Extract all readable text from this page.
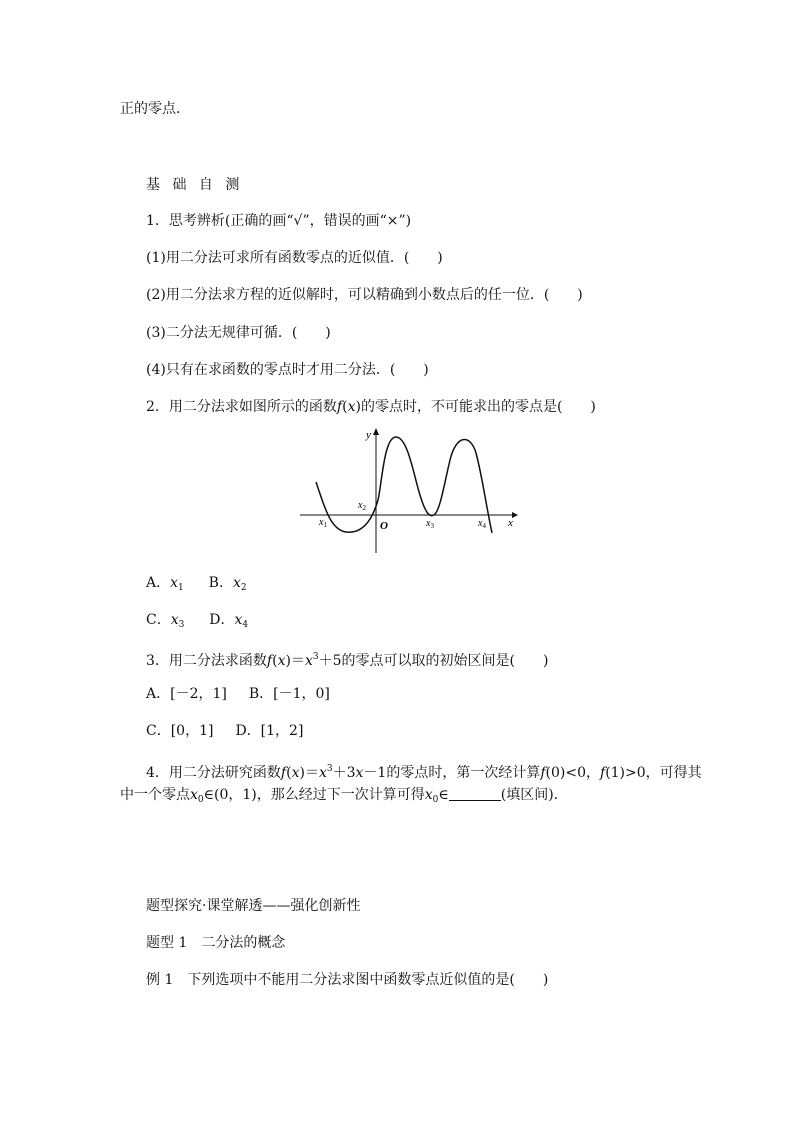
正的零点．
基 础 自 测
1．思考辨析(正确的画“√”，错误的画“×”)
(1)用二分法可求所有函数零点的近似值．(　　)
(2)用二分法求方程的近似解时，可以精确到小数点后的任一位．(　　)
(3)二分法无规律可循．(　　)
(4)只有在求函数的零点时才用二分法．(　　)
2．用二分法求如图所示的函数f(x)的零点时，不可能求出的零点是(　　)
y
x
O
$x_1$
$x_2$
$x_3$	$x_4$
A．$x_1$ B．$x_2$
C．$x_3$ D．$x_4$
3．用二分法求函数$f(x)=x^3+5$的零点可以取的初始区间是(　　)
A．[－2，1] B．[－1，0]
C．[0，1] D．[1，2]
4．用二分法研究函数$f(x)=x^3+3x-1$的零点时，第一次经计算f(0)<0，f(1)>0，可得其
中一个零点$x_0\in(0$，1)，那么经过下一次计算可得$x_0\in$	(填区间)．
题型探究·课堂解透——强化创新性
题型 1　二分法的概念
例 1 下列选项中不能用二分法求图中函数零点近似值的是(　　)
